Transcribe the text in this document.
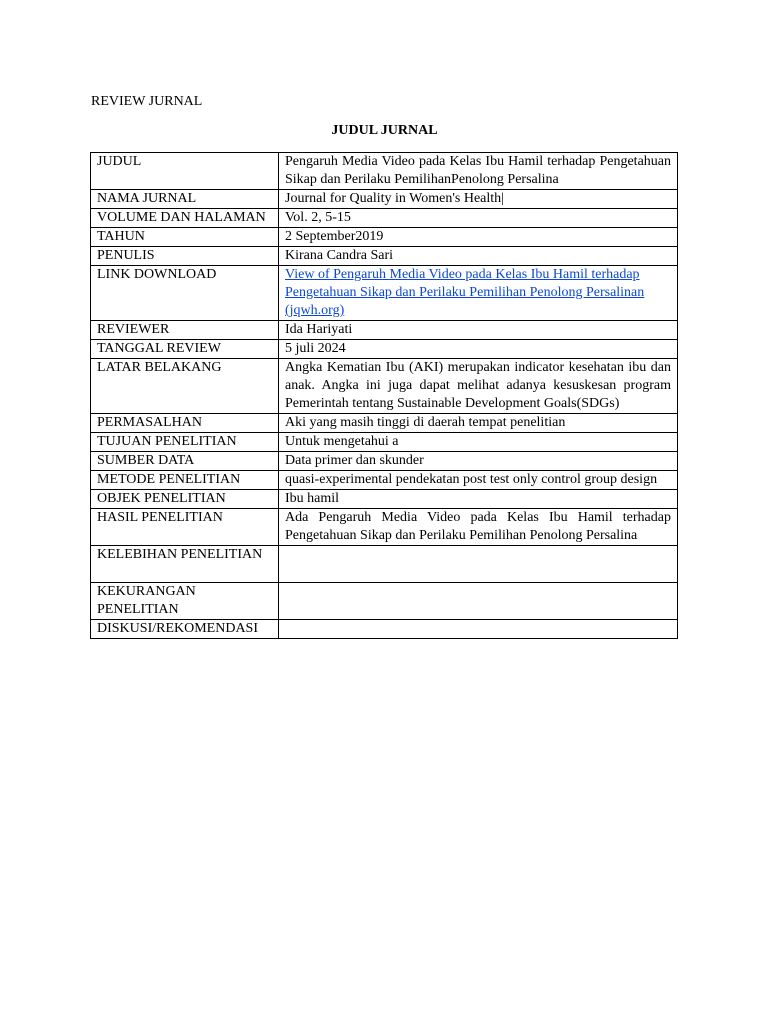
REVIEW JURNAL
JUDUL JURNAL
JUDUL	Pengaruh Media Video pada Kelas Ibu Hamil terhadap Pengetahuan Sikap dan Perilaku PemilihanPenolong Persalina
NAMA JURNAL	Journal for Quality in Women's Health|
VOLUME DAN HALAMAN	Vol. 2, 5-15
TAHUN	2 September2019
PENULIS	Kirana Candra Sari
LINK DOWNLOAD	View of Pengaruh Media Video pada Kelas Ibu Hamil terhadap Pengetahuan Sikap dan Perilaku Pemilihan Penolong Persalinan (jqwh.org)
REVIEWER	Ida Hariyati
TANGGAL REVIEW	5 juli 2024
LATAR BELAKANG	Angka Kematian Ibu (AKI) merupakan indicator kesehatan ibu dan anak. Angka ini juga dapat melihat adanya kesuskesan program Pemerintah tentang Sustainable Development Goals(SDGs)
PERMASALHAN	Aki yang masih tinggi di daerah tempat penelitian
TUJUAN PENELITIAN	Untuk mengetahui a
SUMBER DATA	Data primer dan skunder
METODE PENELITIAN	quasi-experimental pendekatan post test only control group design
OBJEK PENELITIAN	Ibu hamil
HASIL PENELITIAN	Ada Pengaruh Media Video pada Kelas Ibu Hamil terhadap Pengetahuan Sikap dan Perilaku Pemilihan Penolong Persalina
KELEBIHAN PENELITIAN	
KEKURANGAN PENELITIAN	
DISKUSI/REKOMENDASI	
